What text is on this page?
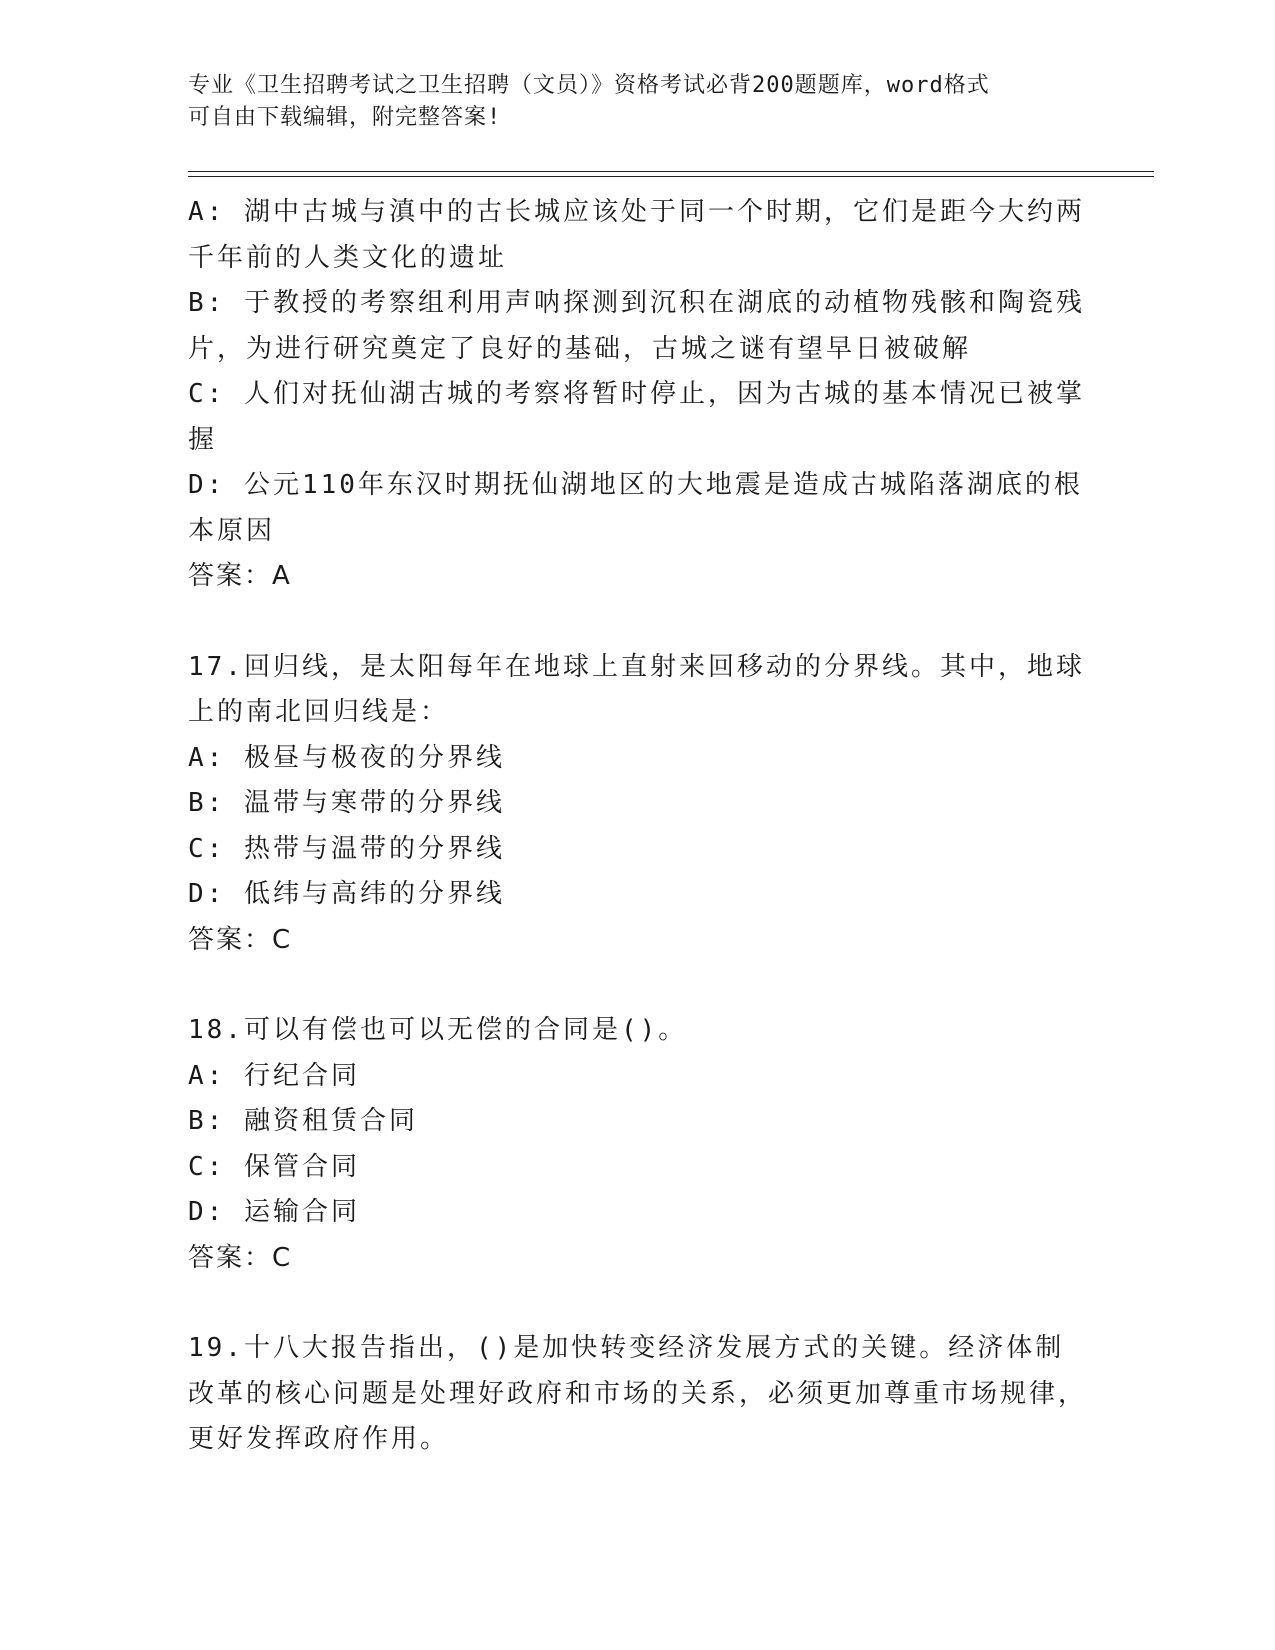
专业《卫生招聘考试之卫生招聘（文员）》资格考试必背200题题库，word格式
可自由下载编辑，附完整答案!

A: 湖中古城与滇中的古长城应该处于同一个时期，它们是距今大约两千年前的人类文化的遗址

B: 于教授的考察组利用声呐探测到沉积在湖底的动植物残骸和陶瓷残片，为进行研究奠定了良好的基础，古城之谜有望早日被破解

C: 人们对抚仙湖古城的考察将暂时停止，因为古城的基本情况已被掌握

D: 公元110年东汉时期抚仙湖地区的大地震是造成古城陷落湖底的根本原因

答案：A

17.回归线，是太阳每年在地球上直射来回移动的分界线。其中，地球上的南北回归线是：

A: 极昼与极夜的分界线

B: 温带与寒带的分界线

C: 热带与温带的分界线

D: 低纬与高纬的分界线

答案：C

18.可以有偿也可以无偿的合同是()。

A: 行纪合同

B: 融资租赁合同

C: 保管合同

D: 运输合同

答案：C

19.十八大报告指出，()是加快转变经济发展方式的关键。经济体制改革的核心问题是处理好政府和市场的关系，必须更加尊重市场规律，更好发挥政府作用。
